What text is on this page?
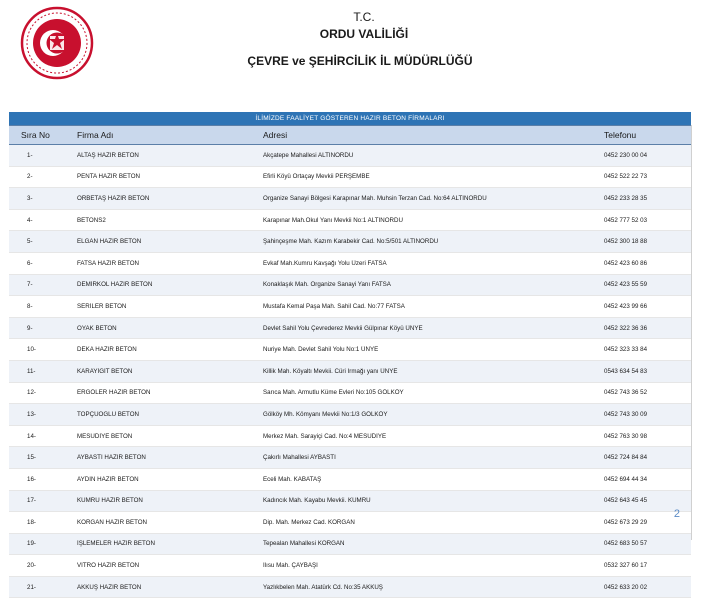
T.C.
ORDU VALİLİĞİ
ÇEVRE ve ŞEHİRCİLİK İL MÜDÜRLÜĞÜ
İLİMİZDE FAALİYET GÖSTEREN HAZIR BETON FİRMALARI
Sıra No	Firma Adı	Adresi	Telefonu
1-	ALTAŞ HAZIR BETON	Akçatepe Mahallesi ALTINORDU	0452 230 00 04
2-	PENTA HAZIR BETON	Efirli Köyü Ortaçay Mevkii PERŞEMBE	0452 522 22 73
3-	ORBETAŞ HAZIR BETON	Organize Sanayi Bölgesi Karapınar Mah. Muhsin Terzan Cad. No:64 ALTINORDU	0452 233 28 35
4-	BETONS2	Karapınar Mah.Okul Yanı Mevkii No:1 ALTINORDU	0452 777 52 03
5-	ELGAN HAZIR BETON	Şahinçeşme Mah. Kazım Karabekir Cad. No:5/501 ALTINORDU	0452 300 18 88
6-	FATSA HAZIR BETON	Evkaf Mah.Kumru Kavşağı Yolu Üzeri FATSA	0452 423 60 86
7-	DEMİRKOL HAZIR BETON	Konaklaşık Mah. Organize Sanayi Yanı FATSA	0452 423 55 59
8-	SERİLER BETON	Mustafa Kemal Paşa Mah. Sahil Cad. No:77 FATSA	0452 423 99 66
9-	OYAK BETON	Devlet Sahil Yolu Çevrederez Mevkii Gülpınar Köyü ÜNYE	0452 322 36 36
10-	DEKA HAZIR BETON	Nuriye Mah. Devlet Sahil Yolu No:1 ÜNYE	0452 323 33 84
11-	KARAYİĞİT BETON	Killik Mah. Köyaltı Mevkii. Cüri Irmağı yanı ÜNYE	0543 634 54 83
12-	ERGÖLER HAZIR BETON	Sarıca Mah. Armutlu Küme Evleri No:105 GÖLKÖY	0452 743 36 52
13-	TOPÇUOĞLU BETON	Gölköy Mh. Kömyanı Mevkii No:1/3 GÖLKÖY	0452 743 30 09
14-	MESUDİYE BETON	Merkez Mah. Sarayiçi Cad. No:4 MESUDİYE	0452 763 30 98
15-	AYBASTI HAZIR BETON	Çakırlı Mahallesi AYBASTI	0452 724 84 84
16-	AYDIN HAZIR BETON	Eceli Mah. KABATAŞ	0452 694 44 34
17-	KUMRU HAZIR BETON	Kadıncık Mah. Kayabu Mevkii. KUMRU	0452 643 45 45
18-	KORGAN HAZIR BETON	Dip. Mah. Merkez Cad. KORGAN	0452 673 29 29
19-	İŞLEMELER HAZIR BETON	Tepealan Mahallesi KORGAN	0452 683 50 57
20-	VİTRO HAZIR BETON	Ilısu Mah. ÇAYBAŞI	0532 327 60 17
21-	AKKUŞ HAZIR BETON	Yazlıkbelen Mah. Atatürk Cd. No:35 AKKUŞ	0452 633 20 02
2
